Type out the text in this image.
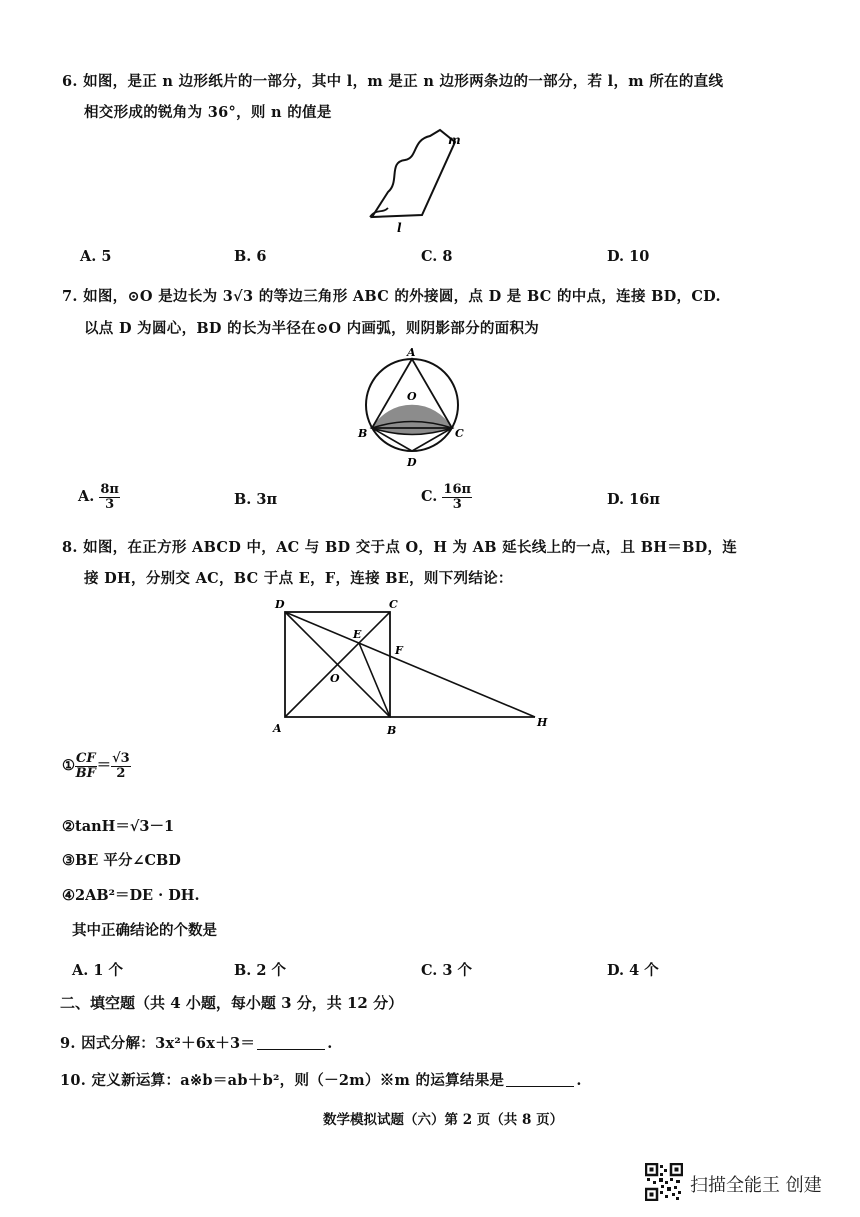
6. 如图，是正 n 边形纸片的一部分，其中 l，m 是正 n 边形两条边的一部分，若 l，m 所在的直线
相交形成的锐角为 36°，则 n 的值是
m
l
A. 5	B. 6	C. 8	D. 10
7. 如图，⊙O 是边长为 3√3 的等边三角形 ABC 的外接圆，点 D 是 BC 的中点，连接 BD，CD.
以点 D 为圆心，BD 的长为半径在⊙O 内画弧，则阴影部分的面积为
A
O
B	C
D
A. $\frac{8\pi}{3}$	B. 3π	C. $\frac{16\pi}{3}$	D. 16π
8. 如图，在正方形 ABCD 中，AC 与 BD 交于点 O，H 为 AB 延长线上的一点，且 BH＝BD，连
接 DH，分别交 AC，BC 于点 E，F，连接 BE，则下列结论：
D	C
E
F
O
A	B
H
① $\frac{CF}{BF} = \frac{√3}{2}$
②tanH＝√3－1
③BE 平分∠CBD
④2AB²＝DE · DH.
其中正确结论的个数是
A. 1 个	B. 2 个	C. 3 个	D. 4 个
二、填空题（共 4 小题，每小题 3 分，共 12 分）
9. 因式分解：3x²＋6x＋3＝	.
10. 定义新运算：a※b＝ab＋b²，则（－2m）※m 的运算结果是	.
数学模拟试题（六）第 2 页（共 8 页）
扫描全能王 创建
